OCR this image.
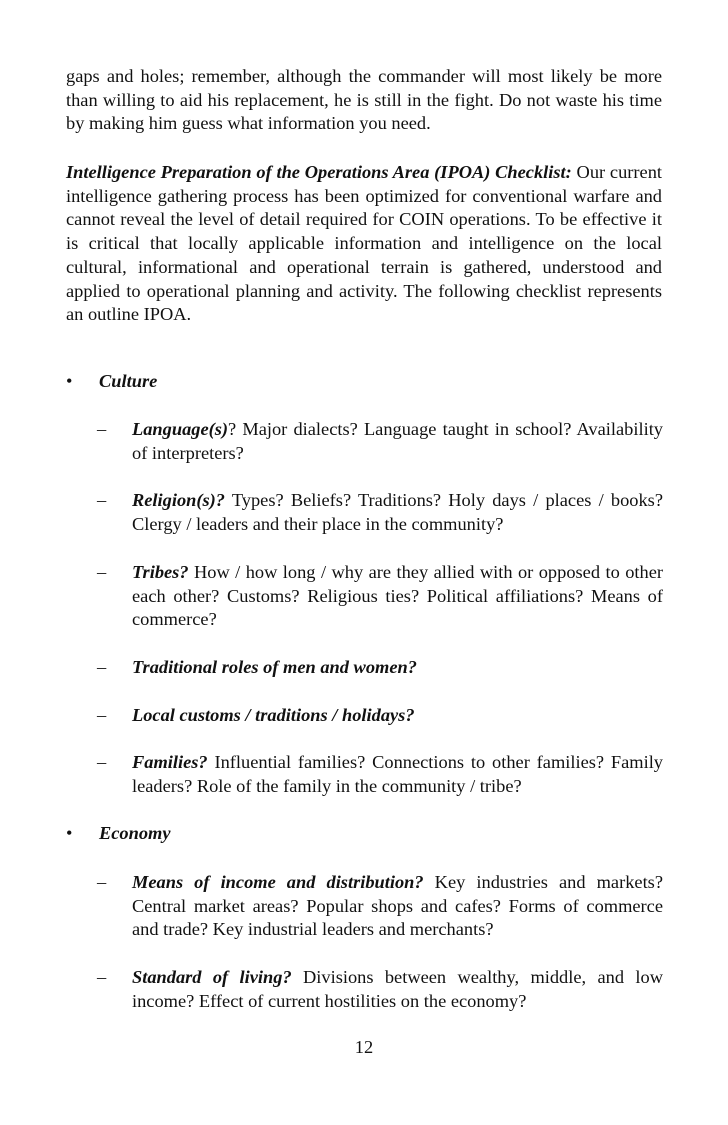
gaps and holes; remember, although the commander will most likely be more than willing to aid his replacement, he is still in the fight. Do not waste his time by making him guess what information you need.

Intelligence Preparation of the Operations Area (IPOA) Checklist: Our current intelligence gathering process has been optimized for conventional warfare and cannot reveal the level of detail required for COIN operations. To be effective it is critical that locally applicable information and intelligence on the local cultural, informational and operational terrain is gathered, understood and applied to operational planning and activity. The following checklist represents an outline IPOA.

•	Culture
–	Language(s)? Major dialects? Language taught in school? Availability of interpreters?
–	Religion(s)? Types? Beliefs? Traditions? Holy days / places / books? Clergy / leaders and their place in the community?
–	Tribes? How / how long / why are they allied with or opposed to other each other? Customs? Religious ties? Political affiliations? Means of commerce?
–	Traditional roles of men and women?
–	Local customs / traditions / holidays?
–	Families? Influential families? Connections to other families? Family leaders? Role of the family in the community / tribe?
•	Economy
–	Means of income and distribution? Key industries and markets? Central market areas? Popular shops and cafes? Forms of commerce and trade? Key industrial leaders and merchants?
–	Standard of living? Divisions between wealthy, middle, and low income? Effect of current hostilities on the economy?
12
